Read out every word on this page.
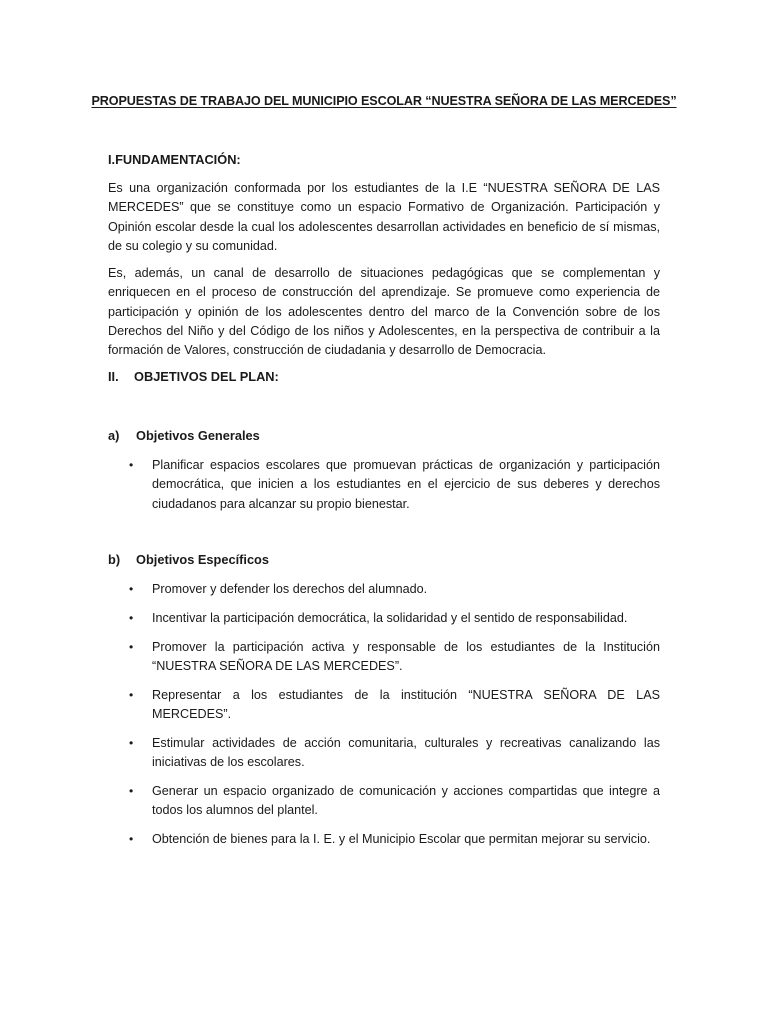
PROPUESTAS DE TRABAJO DEL MUNICIPIO ESCOLAR “NUESTRA SEÑORA DE LAS MERCEDES”
I.FUNDAMENTACIÓN:

Es una organización conformada por los estudiantes de la I.E “NUESTRA SEÑORA DE LAS MERCEDES” que se constituye como un espacio Formativo de Organización. Participación y Opinión escolar desde la cual los adolescentes desarrollan actividades en beneficio de sí mismas, de su colegio y su comunidad.

Es, además, un canal de desarrollo de situaciones pedagógicas que se complementan y enriquecen en el proceso de construcción del aprendizaje. Se promueve como experiencia de participación y opinión de los adolescentes dentro del marco de la Convención sobre de los Derechos del Niño y del Código de los niños y Adolescentes, en la perspectiva de contribuir a la formación de Valores, construcción de ciudadania y desarrollo de Democracia.

II. OBJETIVOS DEL PLAN:
a) Objetivos Generales
• Planificar espacios escolares que promuevan prácticas de organización y participación democrática, que inicien a los estudiantes en el ejercicio de sus deberes y derechos ciudadanos para alcanzar su propio bienestar.
b) Objetivos Específicos
• Promover y defender los derechos del alumnado.
• Incentivar la participación democrática, la solidaridad y el sentido de responsabilidad.
• Promover la participación activa y responsable de los estudiantes de la Institución “NUESTRA SEÑORA DE LAS MERCEDES”.
• Representar a los estudiantes de la institución “NUESTRA SEÑORA DE LAS MERCEDES”.
• Estimular actividades de acción comunitaria, culturales y recreativas canalizando las iniciativas de los escolares.
• Generar un espacio organizado de comunicación y acciones compartidas que integre a todos los alumnos del plantel.
• Obtención de bienes para la I. E. y el Municipio Escolar que permitan mejorar su servicio.
